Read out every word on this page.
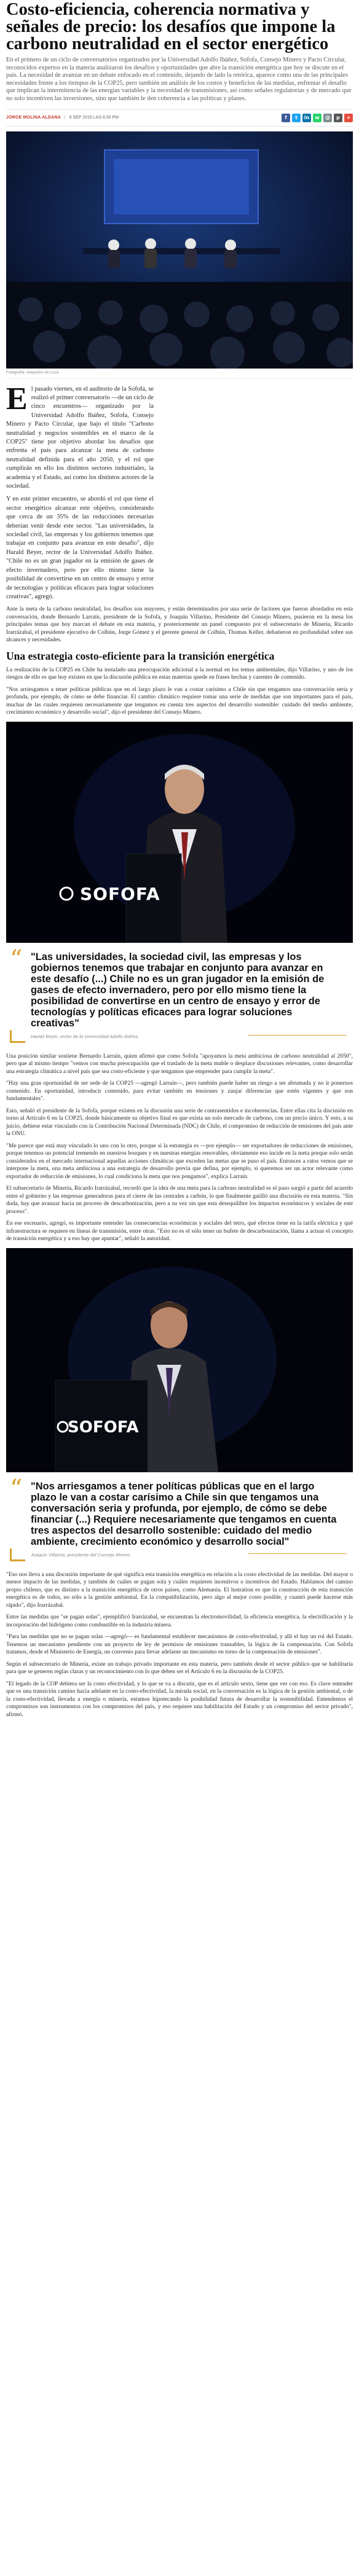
Costo-eficiencia, coherencia normativa y señales de precio: los desafíos que impone la carbono neutralidad en el sector energético

En el primero de un ciclo de conversatorios organizados por la Universidad Adolfo Ibáñez, Sofofa, Consejo Minero y Pacto Circular, reconocidos expertos en la materia analizaron los desafíos y oportunidades que abre la transición energética que hoy se discute en el país. La necesidad de avanzar en un debate enfocado en el contenido, dejando de lado la retórica, aparece como una de las principales necesidades frente a los tiempos de la COP25, pero también un análisis de los costos y beneficios de las medidas, enfrentar el desafío que implican la intermitencia de las energías variables y la necesidad de transmisiones, así como señales regulatorias y de mercado que no solo incentiven las inversiones, sino que también le den coherencia a las políticas y planes.

JORGE MOLINA ALDANA | 8 SEP 2019 LAS 6:30 PM	f	t	in	w	@	p	+
Fotografía: Alejandro de Luca

El pasado viernes, en el auditorio de la Sofofa, se realizó el primer conversatorio —de un ciclo de cinco encuentros— organizado por la Universidad Adolfo Ibáñez, Sofofa, Consejo Minero y Pacto Circular, que bajo el título "Carbono neutralidad y negocios sostenibles en el marco de la COP25" tiene por objetivo abordar los desafíos que enfrenta el país para alcanzar la meta de carbono neutralidad definida para el año 2050, y el rol que cumplirán en ello los distintos sectores industriales, la academia y el Estado, así como los distintos actores de la sociedad.

Y en este primer encuentro, se abordó el rol que tiene el sector energético alcanzar este objetivo, considerando que cerca de un 35% de las reducciones necesarias deberían venir desde este sector. "Las universidades, la sociedad civil, las empresas y los gobiernos tenemos que trabajar en conjunto para avanzar en este desafío", dijo Harald Beyer, rector de la Universidad Adolfo Ibáñez. "Chile no es un gran jugador en la emisión de gases de efecto invernadero, pero por ello mismo tiene la posibilidad de convertirse en un centro de ensayo y error de tecnologías y políticas eficaces para lograr soluciones creativas", agregó.

Ante la meta de la carbono neutralidad, los desafíos son mayores, y están determinados por una serie de factores que fueron abordados en esta conversación, donde Bernardo Larraín, presidente de la Sofofa, y Joaquín Villarino, Presidente del Consejo Minero, pusieron en la mesa los principales temas que hoy marcan el debate en esta materia, y posteriormente un panel compuesto por el subsecretario de Minería, Ricardo Irarrázabal, el presidente ejecutivo de Colbún, Jorge Gómez y el gerente general de Colbún, Thomas Keller, debatieron en profundidad sobre sus alcances y necesidades.

Una estrategia costo-eficiente para la transición energética

La realización de la COP25 en Chile ha instalado una preocupación adicional a la normal en los temas ambientales, dijo Villarino, y uno de los riesgos de ello es que hoy existen en que la discusión pública en estas materias quede en frases hechas y carentes de contenido.

"Nos arriesgamos a tener políticas públicas que en el largo plazo le van a costar carísimo a Chile sin que tengamos una conversación seria y profunda, por ejemplo, de cómo se debe financiar. El cambio climático requiere tomar una serie de medidas que son importantes para el país, muchas de las cuales requieren necesariamente que tengamos en cuenta tres aspectos del desarrollo sostenible: cuidado del medio ambiente, crecimiento económico y desarrollo social", dijo el presidente del Consejo Minero.

SOFOFA
“ "Las universidades, la sociedad civil, las empresas y los gobiernos tenemos que trabajar en conjunto para avanzar en este desafío (...) Chile no es un gran jugador en la emisión de gases de efecto invernadero, pero por ello mismo tiene la posibilidad de convertirse en un centro de ensayo y error de tecnologías y políticas eficaces para lograr soluciones creativas"
Harald Beyer, rector de la Universidad Adolfo Ibáñez.

Una posición similar sostiene Bernardo Larraín, quien afirmó que como Sofofa "apoyamos la meta ambiciosa de carbono neutralidad al 2050", pero que al mismo tiempo "vemos con mucha preocupación que el traslado de la meta muble o desplace discusiones relevantes, como desarrollar una estrategia climática a nivel país que sea costo-eficiente y que tengamos que emprender para cumplir la meta".

"Hay una gran oportunidad de ser sede de la COP25 —agregó Larraín—, pero también puede haber un riesgo a ser abrumada y no ir ponernos contenido. En oportunidad, introducir contenido, para evitar también en tensiones y zanjar diferencias que estén vigentes y que son fundamentales".

Esto, señaló el presidente de la Sofofa, porque existen en la discusión una serie de contrasentidos e incoherencias. Entre ellas cita la discusión en torno al Artículo 6 en la COP25, donde básicamente su objetivo final es que exista un solo mercado de carbono, con un precio único. Y esto, a su juicio, debiese estar vinculado con la Contribución Nacional Determinada (NDC) de Chile, el compromiso de reducción de emisiones del país ante la ONU.

"Me parece que está muy vinculado lo uno con lo otro, porque si la estrategia es —por ejemplo— ser exportadores de reducciones de emisiones, porque tenemos un potencial tremendo en nuestros bosques y en nuestras energías renovables, obviamente eso incide en la meta porque solo serán considerados en el mercado internacional aquellas acciones climáticas que exceden las metas que se puso el país. Entonces a ratos vemos que se interpone la meta, una meta ambiciosa a una estrategia de desarrollo previa que defina, por ejemplo, si queremos ser un actor relevante como exportador de reducción de emisiones, lo cual condiciona la meta que nos pongamos", explica Larraín.

El subsecretario de Minería, Ricardo Irarrázabal, recordó que la idea de una meta para la carbono neutralidad es el paso surgió a partir del acuerdo entre el gobierno y las empresas generadoras para el cierre de las centrales a carbón, lo que finalmente gatilló una discusión en esta materia. "Sin duda, hay que avanzar hacia un proceso de descarbonización, pero a su vez sin que esta desequilibre los impactos económicos y sociales de este proceso".

En ese escenario, agregó, es importante entender las consecuencias económicas y sociales del tetro, qué efectos tiene en la tarifa eléctrica y qué infraestructura se requiere en líneas de transmisión, entre otras. "Esto no es el sólo tener un bufete de descarbonización, llama a actuar el concepto de transición energética y a eso hay que apuntar", señaló la autoridad.

SOFOFA
“ "Nos arriesgamos a tener políticas públicas que en el largo plazo le van a costar carísimo a Chile sin que tengamos una conversación seria y profunda, por ejemplo, de cómo se debe financiar (...) Requiere necesariamente que tengamos en cuenta tres aspectos del desarrollo sostenible: cuidado del medio ambiente, crecimiento económico y desarrollo social"
Joaquín Villarino, presidente del Consejo Minero.

"Eso nos lleva a una discusión importante de qué significa esta transición energética en relación a la costo efectividad de las medidas. Del mayor o menor impacto de las medidas, y también de cuáles se pagan sola y cuáles requieren incentivos o incentivos del Estado. Hablamos del camino propio chileno, que es distinto a la transición energética de otros países, como Alemania. El lustration es que la construcción de esta transición energética es de todos, no sólo a la gestión ambiental. En la compatibilización, pero algo al mejor costo posible, y cuantó puede hacerse más rápido", dijo Irarrázabal.

Entre las medidas que "se pagan solas", ejemplificó Irarrázabal, se encuentran la electromovilidad, la eficiencia energética, la electrificación y la incorporación del hidrógeno como combustible en la industria minera.

"Para las medidas que no se pagan solas —agregó— es fundamental establecer mecanismos de costo-efectividad, y allí el hay un rol del Estado. Tenemos un mecanismo pendiente con un proyecto de ley de permisos de emisiones transables, la lógica de la compensación. Con Sofofa tratamos, desde el Ministerio de Energía, un convenio para llevar adelante un mecanismo en torno de la compensación de emisiones".

Según el subsecretario de Minería, existe un trabajo privado importante en esta materia, pero también desde el sector público que se habilitaría para que se generen reglas claras y un reconocimiento con lo que deben ser el Artículo 6 en la discusión de la COP25.

"El legado de la COP debiera ser la costo efectividad, y lo que se va a discutir, que es el artículo sexto, tiene que ver con eso. Es clave entender que es una transición camino hacia adelante en la costo-efectividad, la mirada social, en la conversación es la lógica de la gestión ambiental, o de la costo-efectividad, llevada a energía o minería, estamos hipotecando la posibilidad futura de desarrollar la sostenibilidad. Entendemos el compromisos son instrumentos con los compromisos del país, y eso requiere una habilitación del Estado y un compromiso del sector privado", afirmó.
